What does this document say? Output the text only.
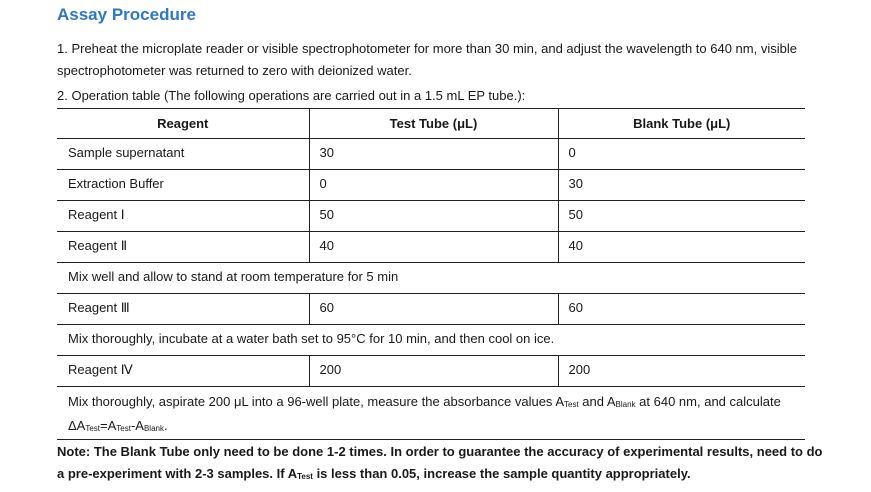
Assay Procedure

1. Preheat the microplate reader or visible spectrophotometer for more than 30 min, and adjust the wavelength to 640 nm, visible spectrophotometer was returned to zero with deionized water.

2. Operation table (The following operations are carried out in a 1.5 mL EP tube.):

Reagent	Test Tube (μL)	Blank Tube (μL)
Sample supernatant	30	0
Extraction Buffer	0	30
Reagent Ⅰ	50	50
Reagent Ⅱ	40	40
Mix well and allow to stand at room temperature for 5 min		
Reagent Ⅲ	60	60
Mix thoroughly, incubate at a water bath set to 95°C for 10 min, and then cool on ice.		
Reagent Ⅳ	200	200

Mix thoroughly, aspirate 200 μL into a 96-well plate, measure the absorbance values $A_{Test}$ and $A_{Blank}$ at 640 nm, and calculate
$\Delta A_{Test}=A_{Test}-A_{Blank}$.		

Note: The Blank Tube only need to be done 1-2 times. In order to guarantee the accuracy of experimental results, need to do a pre-experiment with 2-3 samples. If $A_{Test}$ is less than 0.05, increase the sample quantity appropriately.
